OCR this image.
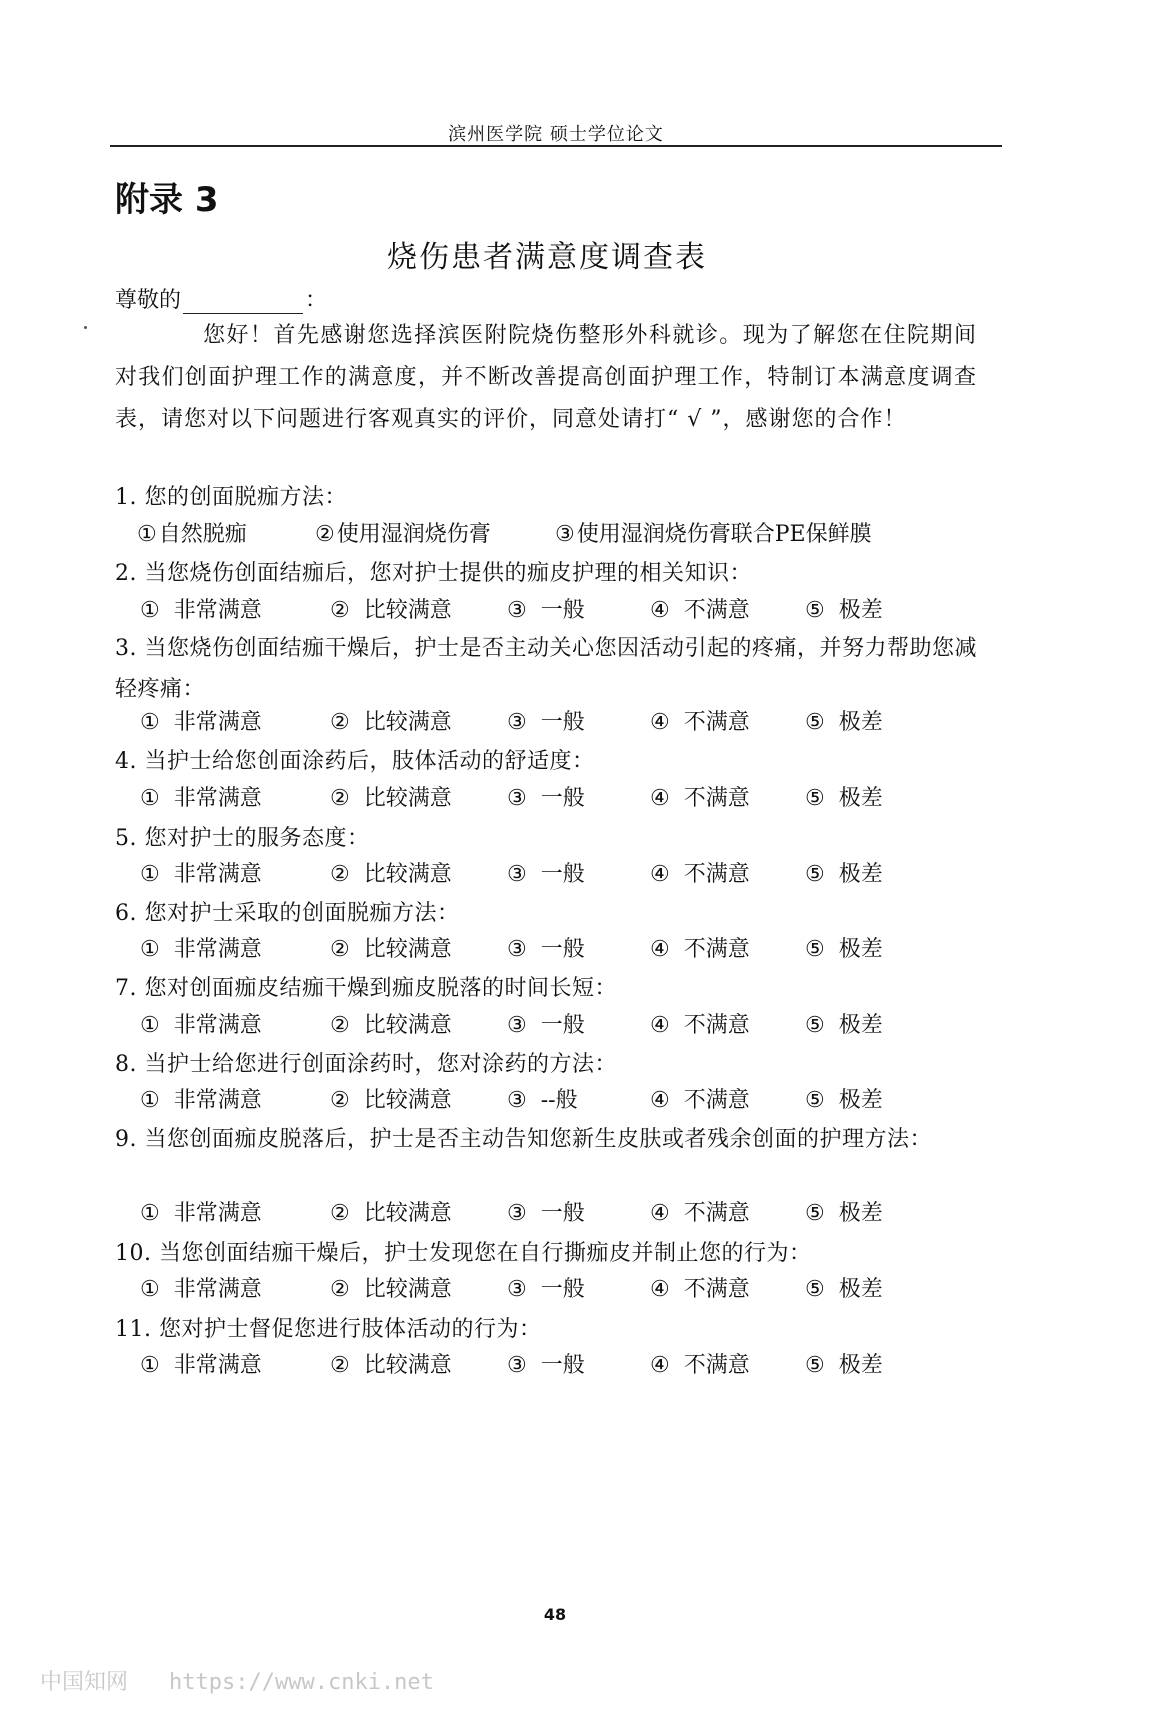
滨州医学院 硕士学位论文
附录 3
烧伤患者满意度调查表
尊敬的	：
您好！首先感谢您选择滨医附院烧伤整形外科就诊。现为了解您在住院期间对我们创面护理工作的满意度，并不断改善提高创面护理工作，特制订本满意度调查表，请您对以下问题进行客观真实的评价，同意处请打“ √ ”，感谢您的合作！
1. 您的创面脱痂方法：
①自然脱痂	②使用湿润烧伤膏	③使用湿润烧伤膏联合PE保鲜膜
2. 当您烧伤创面结痂后，您对护士提供的痂皮护理的相关知识：
① 非常满意	② 比较满意	③ 一般	④ 不满意	⑤ 极差
3. 当您烧伤创面结痂干燥后，护士是否主动关心您因活动引起的疼痛，并努力帮助您减轻疼痛：
① 非常满意	② 比较满意	③ 一般	④ 不满意	⑤ 极差
4. 当护士给您创面涂药后，肢体活动的舒适度：
① 非常满意	② 比较满意	③ 一般	④ 不满意	⑤ 极差
5. 您对护士的服务态度：
① 非常满意	② 比较满意	③ 一般	④ 不满意	⑤ 极差
6. 您对护士采取的创面脱痂方法：
① 非常满意	② 比较满意	③ 一般	④ 不满意	⑤ 极差
7. 您对创面痂皮结痂干燥到痂皮脱落的时间长短：
① 非常满意	② 比较满意	③ 一般	④ 不满意	⑤ 极差
8. 当护士给您进行创面涂药时，您对涂药的方法：
① 非常满意	② 比较满意	③ --般	④ 不满意	⑤ 极差
9. 当您创面痂皮脱落后，护士是否主动告知您新生皮肤或者残余创面的护理方法：
① 非常满意	② 比较满意	③ 一般	④ 不满意	⑤ 极差
10. 当您创面结痂干燥后，护士发现您在自行撕痂皮并制止您的行为：
① 非常满意	② 比较满意	③ 一般	④ 不满意	⑤ 极差
11. 您对护士督促您进行肢体活动的行为：
① 非常满意	② 比较满意	③ 一般	④ 不满意	⑤ 极差
48
中国知网 https://www.cnki.net
